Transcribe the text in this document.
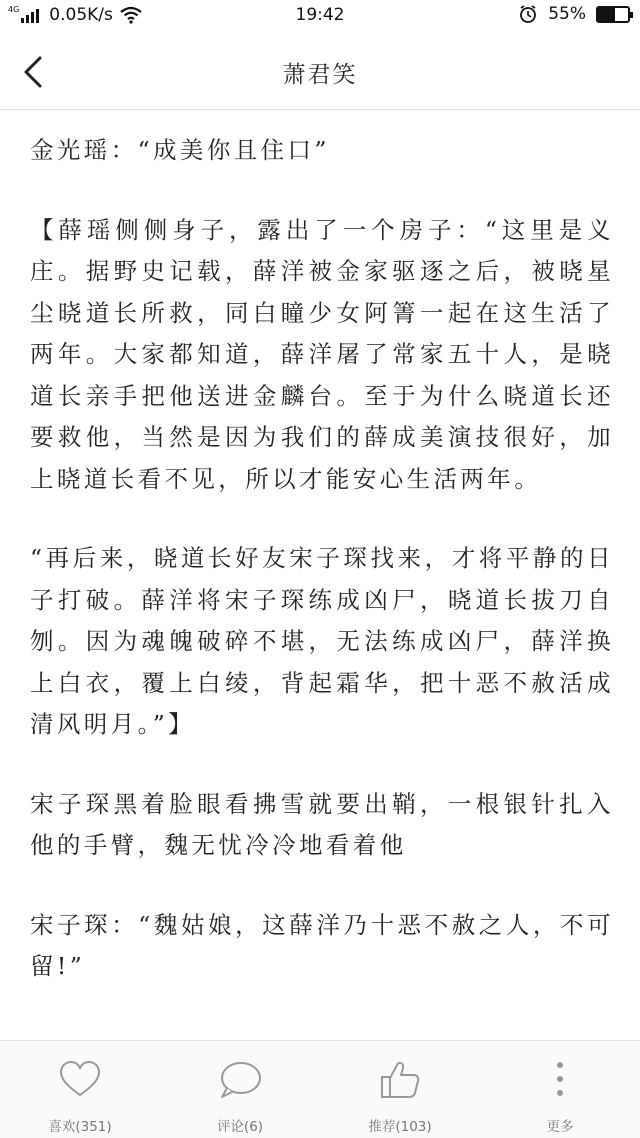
4G 0.05K/s	19:42	55%
萧君笑

金光瑶：“成美你且住口”

【薛瑶侧侧身子，露出了一个房子：“这里是义庄。据野史记载，薛洋被金家驱逐之后，被晓星尘晓道长所救，同白瞳少女阿箐一起在这生活了两年。大家都知道，薛洋屠了常家五十人，是晓道长亲手把他送进金麟台。至于为什么晓道长还要救他，当然是因为我们的薛成美演技很好，加上晓道长看不见，所以才能安心生活两年。

“再后来，晓道长好友宋子琛找来，才将平静的日子打破。薛洋将宋子琛练成凶尸，晓道长拔刀自刎。因为魂魄破碎不堪，无法练成凶尸，薛洋换上白衣，覆上白绫，背起霜华，把十恶不赦活成清风明月。”】

宋子琛黑着脸眼看拂雪就要出鞘，一根银针扎入他的手臂，魏无忧冷冷地看着他

宋子琛：“魏姑娘，这薛洋乃十恶不赦之人，不可留!”

喜欢(351)	评论(6)	推荐(103)	更多
